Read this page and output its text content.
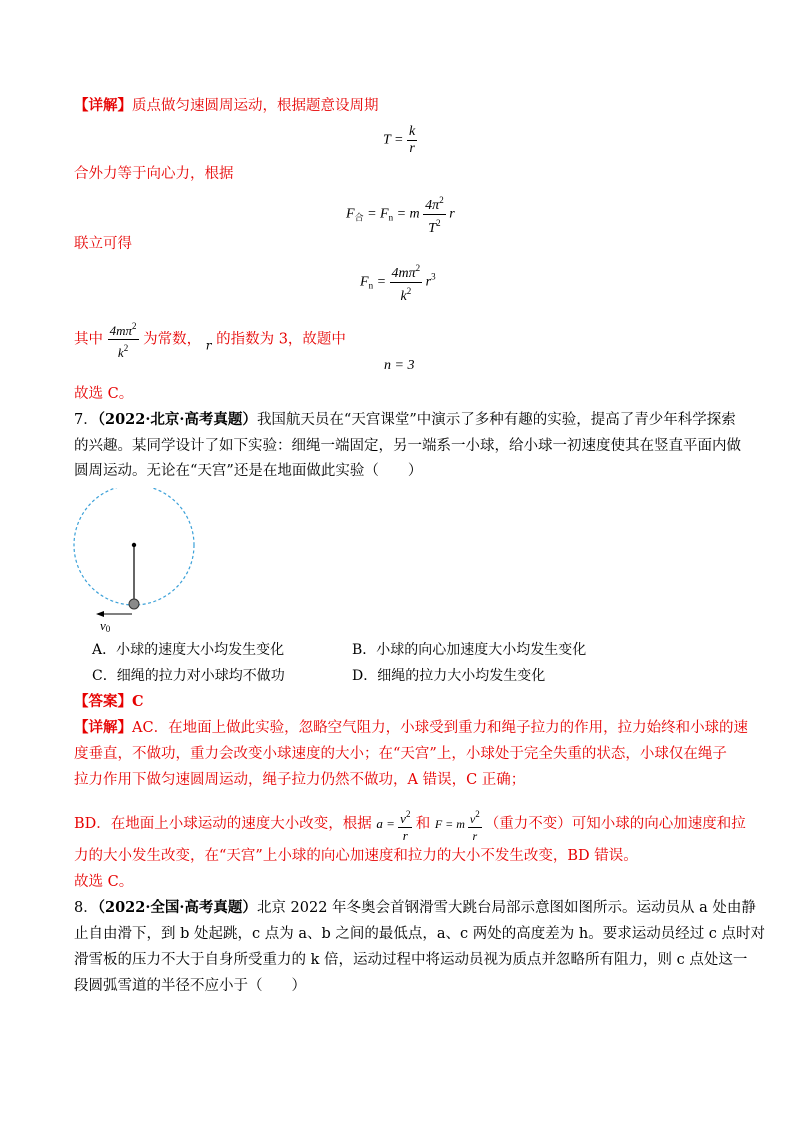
【详解】质点做匀速圆周运动，根据题意设周期
$T = \frac{k}{r}$
合外力等于向心力，根据
$F_合 = F_n = m \frac{4\pi^2}{T^2}$ r
联立可得
$F_n = \frac{4m\pi^2}{k^2} r^3$
其中 $\frac{4m\pi^2}{k^2}$ 为常数， $_r$ 的指数为 3，故题中
n = 3
故选 C。
7．（2022·北京·高考真题）我国航天员在“天宫课堂”中演示了多种有趣的实验，提高了青少年科学探索
的兴趣。某同学设计了如下实验：细绳一端固定，另一端系一小球，给小球一初速度使其在竖直平面内做
圆周运动。无论在“天宫”还是在地面做此实验（　　）
v0
A．小球的速度大小均发生变化	B．小球的向心加速度大小均发生变化
C．细绳的拉力对小球均不做功	D．细绳的拉力大小均发生变化
【答案】C
【详解】AC．在地面上做此实验，忽略空气阻力，小球受到重力和绳子拉力的作用，拉力始终和小球的速
度垂直，不做功，重力会改变小球速度的大小；在“天宫”上，小球处于完全失重的状态，小球仅在绳子
拉力作用下做匀速圆周运动，绳子拉力仍然不做功，A 错误，C 正确；
BD．在地面上小球运动的速度大小改变，根据 $a = \frac{v^2}{r}$ 和 F = m $\frac{v^2}{r}$ （重力不变）可知小球的向心加速度和拉
力的大小发生改变，在“天宫”上小球的向心加速度和拉力的大小不发生改变，BD 错误。
故选 C。
8．（2022·全国·高考真题）北京 2022 年冬奥会首钢滑雪大跳台局部示意图如图所示。运动员从 a 处由静
止自由滑下，到 b 处起跳，c 点为 a、b 之间的最低点，a、c 两处的高度差为 h。要求运动员经过 c 点时对
滑雪板的压力不大于自身所受重力的 k 倍，运动过程中将运动员视为质点并忽略所有阻力，则 c 点处这一
段圆弧雪道的半径不应小于（　　）
